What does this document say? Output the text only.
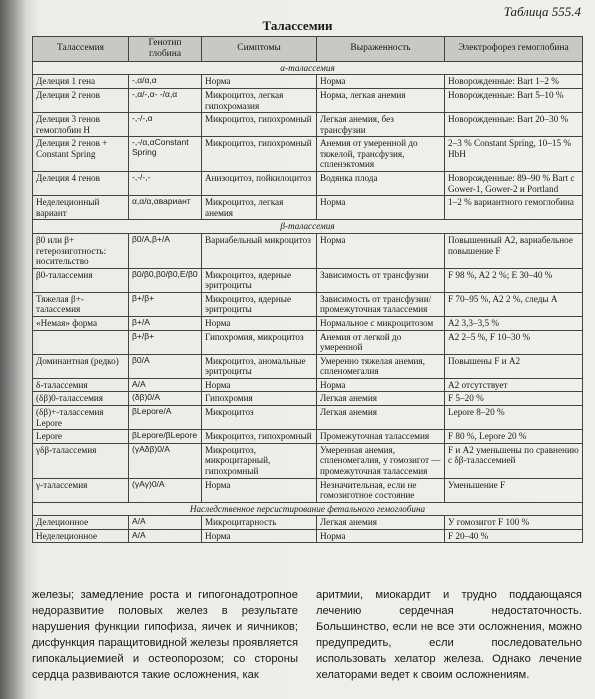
Таблица 555.4
Талассемии
Талассемия	Генотип глобина	Симптомы	Выраженность	Электрофорез гемоглобина
α-талассемия				
Делеция 1 гена	-,α/α,α	Норма	Норма	Новорожденные: Bart 1–2 %
Делеция 2 генов	-,α/-,α- -/α,α	Микроцитоз, легкая гипохромазия	Норма, легкая анемия	Новорожденные: Bart 5–10 %
Делеция 3 генов гемоглобин H	-,-/-,α	Микроцитоз, гипохромный	Легкая анемия, без трансфузии	Новорожденные: Bart 20–30 %
Делеция 2 генов + Constant Spring	-,-/α,αConstant Spring	Микроцитоз, гипохромный	Анемия от умеренной до тяжелой, трансфузия, спленэктомия	2–3 % Constant Spring, 10–15 % HbH
Делеция 4 генов	-,-/-,-	Анизоцитоз, пойкилоцитоз	Водянка плода	Новорожденные: 89–90 % Bart с Gower-1, Gower-2 и Portland
Неделеционный вариант	α,α/α,αвариант	Микроцитоз, легкая анемия	Норма	1–2 % вариантного гемоглобина
β-талассемия				
β0 или β+ гетерозиготность: носительство	β0/A,β+/A	Вариабельный микроцитоз	Норма	Повышенный A2, вариабельное повышение F
β0-талассемия	β0/β0,β0/β0,E/β0	Микроцитоз, ядерные эритроциты	Зависимость от трансфузии	F 98 %, A2 2 %; E 30–40 %
Тяжелая β+-талассемия	β+/β+	Микроцитоз, ядерные эритроциты	Зависимость от трансфузии/промежуточная талассемия	F 70–95 %, A2 2 %, следы A
«Немая» форма	β+/A	Норма	Нормальное с микроцитозом	A2 3,3–3,5 %
	β+/β+	Гипохромия, микроцитоз	Анемия от легкой до умеренной	A2 2–5 %, F 10–30 %
Доминантная (редко)	β0/A	Микроцитоз, аномальные эритроциты	Умеренно тяжелая анемия, спленомегалия	Повышены F и A2
δ-талассемия	A/A	Норма	Норма	A2 отсутствует
(δβ)0-талассемия	(δβ)0/A	Гипохромия	Легкая анемия	F 5–20 %
(δβ)+-талассемия Lepore	βLepore/A	Микроцитоз	Легкая анемия	Lepore 8–20 %
Lepore	βLepore/βLepore	Микроцитоз, гипохромный	Промежуточная талассемия	F 80 %, Lepore 20 %
γδβ-талассемия	(γAδβ)0/A	Микроцитоз, микроцитарный, гипохромный	Умеренная анемия, спленомегалия, у гомозигот — промежуточная талассемия	F и A2 уменьшены по сравнению с δβ-талассемией
γ-талассемия	(γAγ)0/A	Норма	Незначительная, если не гомозиготное состояние	Уменьшение F
Наследственное персистирование фетального гемоглобина				
Делеционное	A/A	Микроцитарность	Легкая анемия	У гомозигот F 100 %
Неделеционное	A/A	Норма	Норма	F 20–40 %
железы; замедление роста и гипогонадотропное недоразвитие половых желез в результате нарушения функции гипофиза, яичек и яичников; дисфункция паращитовидной железы проявляется гипокальциемией и остеопорозом; со стороны сердца развиваются такие осложнения, как
аритмии, миокардит и трудно поддающаяся лечению сердечная недостаточность. Большинство, если не все эти осложнения, можно предупредить, если последовательно использовать хелатор железа. Однако лечение хелаторами ведет к своим осложнениям.
